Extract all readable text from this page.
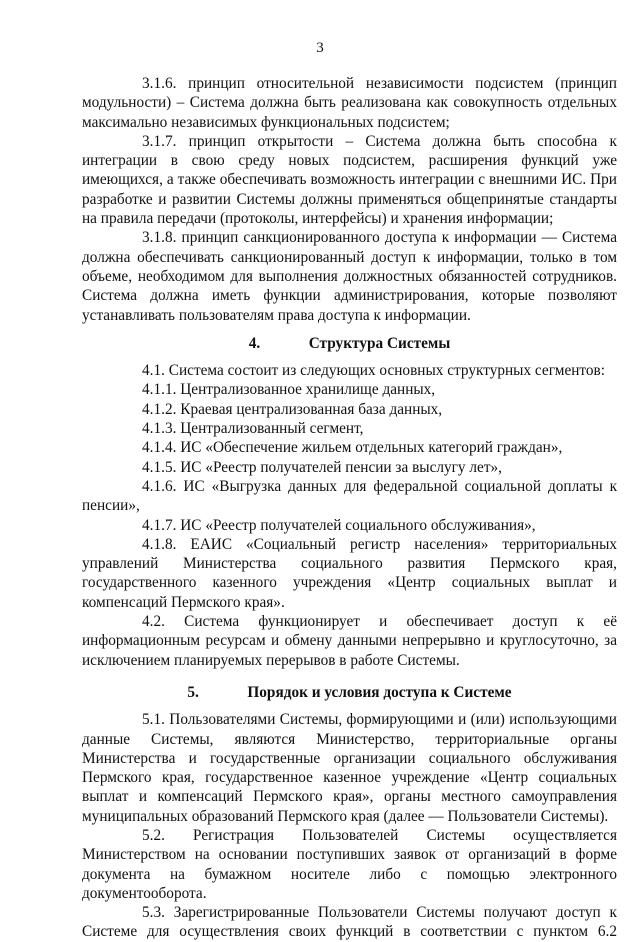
3

3.1.6. принцип относительной независимости подсистем (принцип модульности) – Система должна быть реализована как совокупность отдельных максимально независимых функциональных подсистем;

3.1.7. принцип открытости – Система должна быть способна к интеграции в свою среду новых подсистем, расширения функций уже имеющихся, а также обеспечивать возможность интеграции с внешними ИС. При разработке и развитии Системы должны применяться общепринятые стандарты на правила передачи (протоколы, интерфейсы) и хранения информации;

3.1.8. принцип санкционированного доступа к информации — Система должна обеспечивать санкционированный доступ к информации, только в том объеме, необходимом для выполнения должностных обязанностей сотрудников. Система должна иметь функции администрирования, которые позволяют устанавливать пользователям права доступа к информации.

4.	Структура Системы

4.1. Система состоит из следующих основных структурных сегментов:

4.1.1. Централизованное хранилище данных,

4.1.2. Краевая централизованная база данных,

4.1.3. Централизованный сегмент,

4.1.4. ИС «Обеспечение жильем отдельных категорий граждан»,

4.1.5. ИС «Реестр получателей пенсии за выслугу лет»,

4.1.6. ИС «Выгрузка данных для федеральной социальной доплаты к пенсии»,

4.1.7. ИС «Реестр получателей социального обслуживания»,

4.1.8. ЕАИС «Социальный регистр населения» территориальных управлений Министерства социального развития Пермского края, государственного казенного учреждения «Центр социальных выплат и компенсаций Пермского края».

4.2. Система функционирует и обеспечивает доступ к её информационным ресурсам и обмену данными непрерывно и круглосуточно, за исключением планируемых перерывов в работе Системы.

5.	Порядок и условия доступа к Системе

5.1. Пользователями Системы, формирующими и (или) использующими данные Системы, являются Министерство, территориальные органы Министерства и государственные организации социального обслуживания Пермского края, государственное казенное учреждение «Центр социальных выплат и компенсаций Пермского края», органы местного самоуправления муниципальных образований Пермского края (далее — Пользователи Системы).

5.2. Регистрация Пользователей Системы осуществляется Министерством на основании поступивших заявок от организаций в форме документа на бумажном носителе либо с помощью электронного документооборота.

5.3. Зарегистрированные Пользователи Системы получают доступ к Системе для осуществления своих функций в соответствии с пунктом 6.2
